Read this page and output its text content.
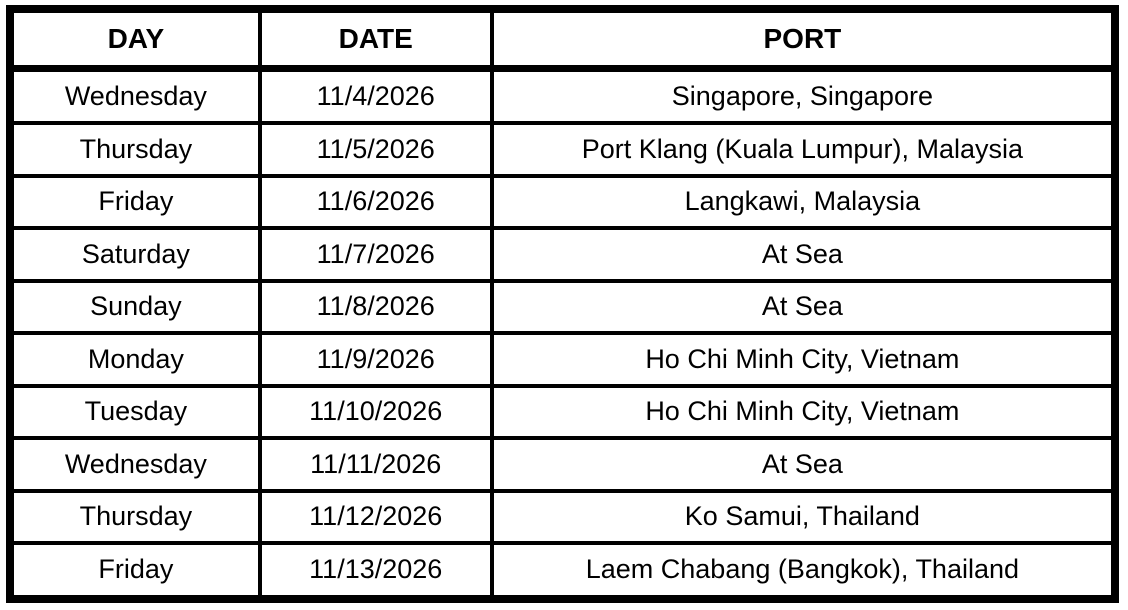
DAY	DATE	PORT
Wednesday	11/4/2026	Singapore, Singapore
Thursday	11/5/2026	Port Klang (Kuala Lumpur), Malaysia
Friday	11/6/2026	Langkawi, Malaysia
Saturday	11/7/2026	At Sea
Sunday	11/8/2026	At Sea
Monday	11/9/2026	Ho Chi Minh City, Vietnam
Tuesday	11/10/2026	Ho Chi Minh City, Vietnam
Wednesday	11/11/2026	At Sea
Thursday	11/12/2026	Ko Samui, Thailand
Friday	11/13/2026	Laem Chabang (Bangkok), Thailand
